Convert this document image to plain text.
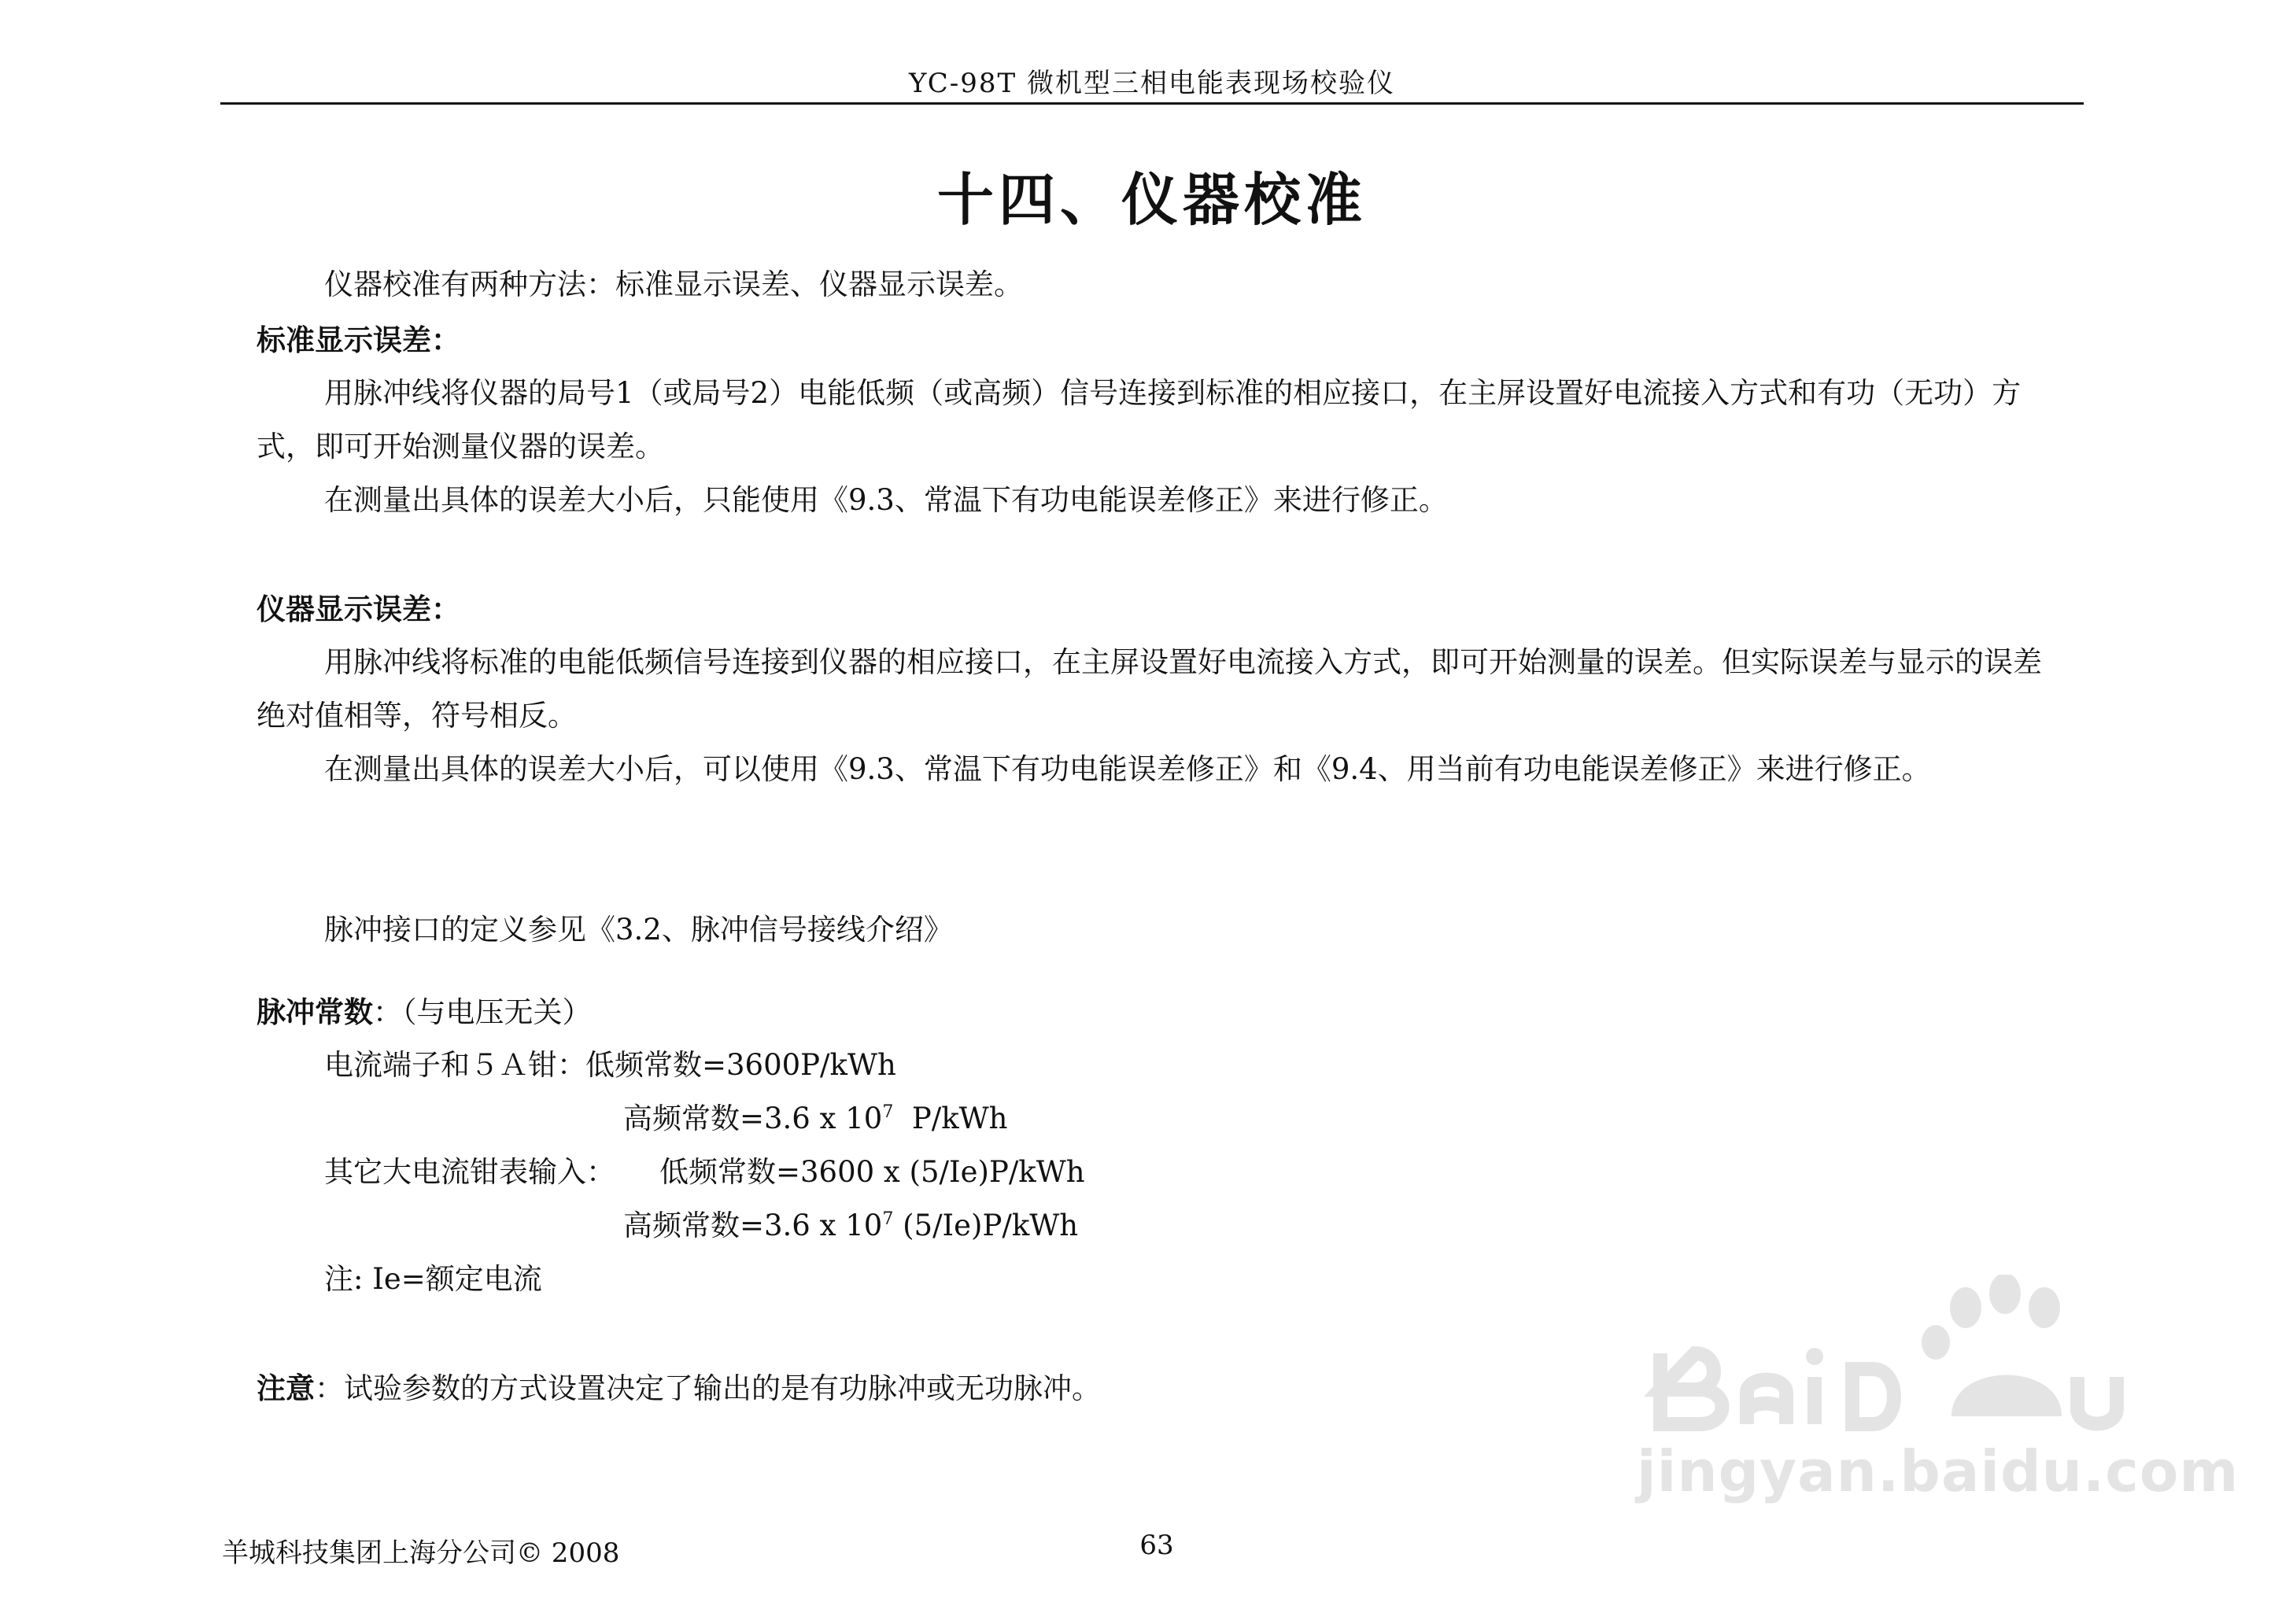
YC-98T 微机型三相电能表现场校验仪
十四、仪器校准

仪器校准有两种方法：标准显示误差、仪器显示误差。

标准显示误差：

用脉冲线将仪器的局号1（或局号2）电能低频（或高频）信号连接到标准的相应接口，在主屏设置好电流接入方式和有功（无功）方式，即可开始测量仪器的误差。

在测量出具体的误差大小后，只能使用《9.3、常温下有功电能误差修正》来进行修正。

仪器显示误差：

用脉冲线将标准的电能低频信号连接到仪器的相应接口，在主屏设置好电流接入方式，即可开始测量的误差。但实际误差与显示的误差绝对值相等，符号相反。

在测量出具体的误差大小后，可以使用《9.3、常温下有功电能误差修正》和《9.4、用当前有功电能误差修正》来进行修正。

脉冲接口的定义参见《3.2、脉冲信号接线介绍》

脉冲常数：（与电压无关）

电流端子和５Ａ钳： 低频常数=3600P/kWh
高频常数=3.6 x $10^7$  P/kWh
其它大电流钳表输入： 低频常数=3600 x (5/Ie)P/kWh
高频常数=3.6 x $10^7$ (5/Ie)P/kWh
注: Ie=额定电流

注意：试验参数的方式设置决定了输出的是有功脉冲或无功脉冲。

jingyan.baidu.com
羊城科技集团上海分公司© 2008	63
